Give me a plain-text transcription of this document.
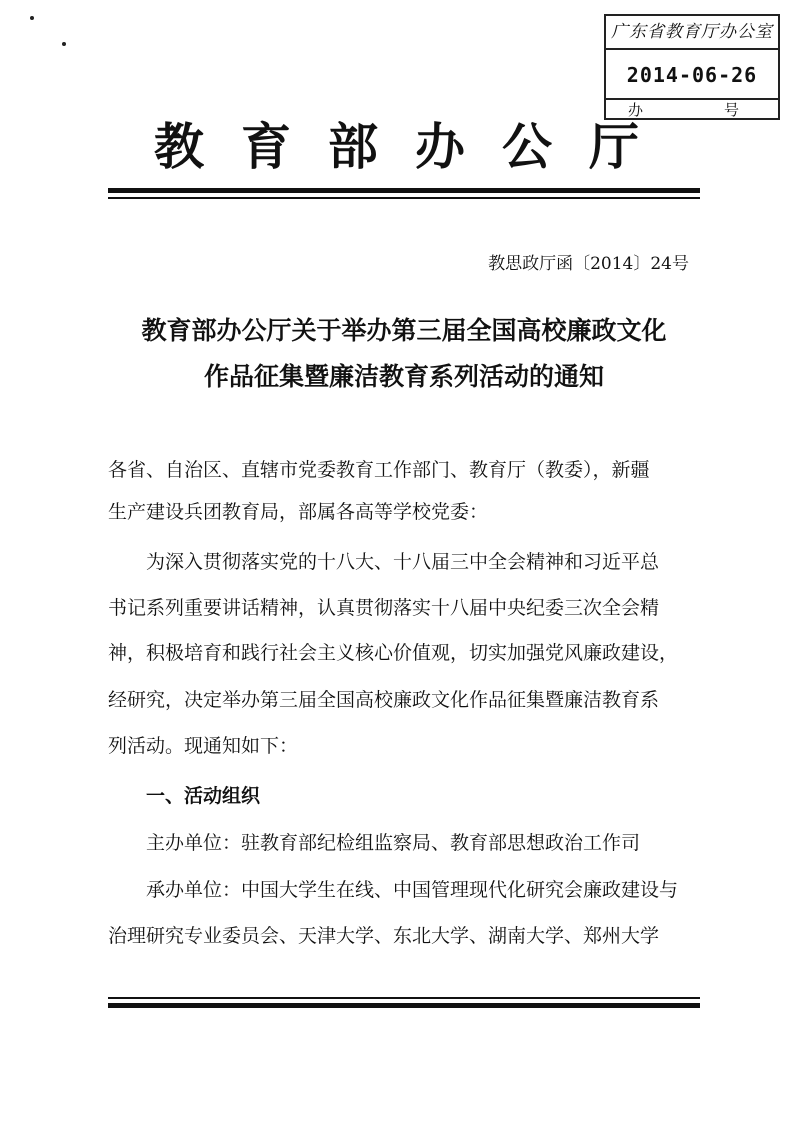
广东省教育厅办公室
2014-06-26
办	号
教育部办公厅
教思政厅函〔2014〕24号
教育部办公厅关于举办第三届全国高校廉政文化
作品征集暨廉洁教育系列活动的通知
各省、自治区、直辖市党委教育工作部门、教育厅（教委），新疆
生产建设兵团教育局，部属各高等学校党委：
为深入贯彻落实党的十八大、十八届三中全会精神和习近平总
书记系列重要讲话精神，认真贯彻落实十八届中央纪委三次全会精
神，积极培育和践行社会主义核心价值观，切实加强党风廉政建设，
经研究，决定举办第三届全国高校廉政文化作品征集暨廉洁教育系
列活动。现通知如下：
一、活动组织
主办单位：驻教育部纪检组监察局、教育部思想政治工作司
承办单位：中国大学生在线、中国管理现代化研究会廉政建设与
治理研究专业委员会、天津大学、东北大学、湖南大学、郑州大学
